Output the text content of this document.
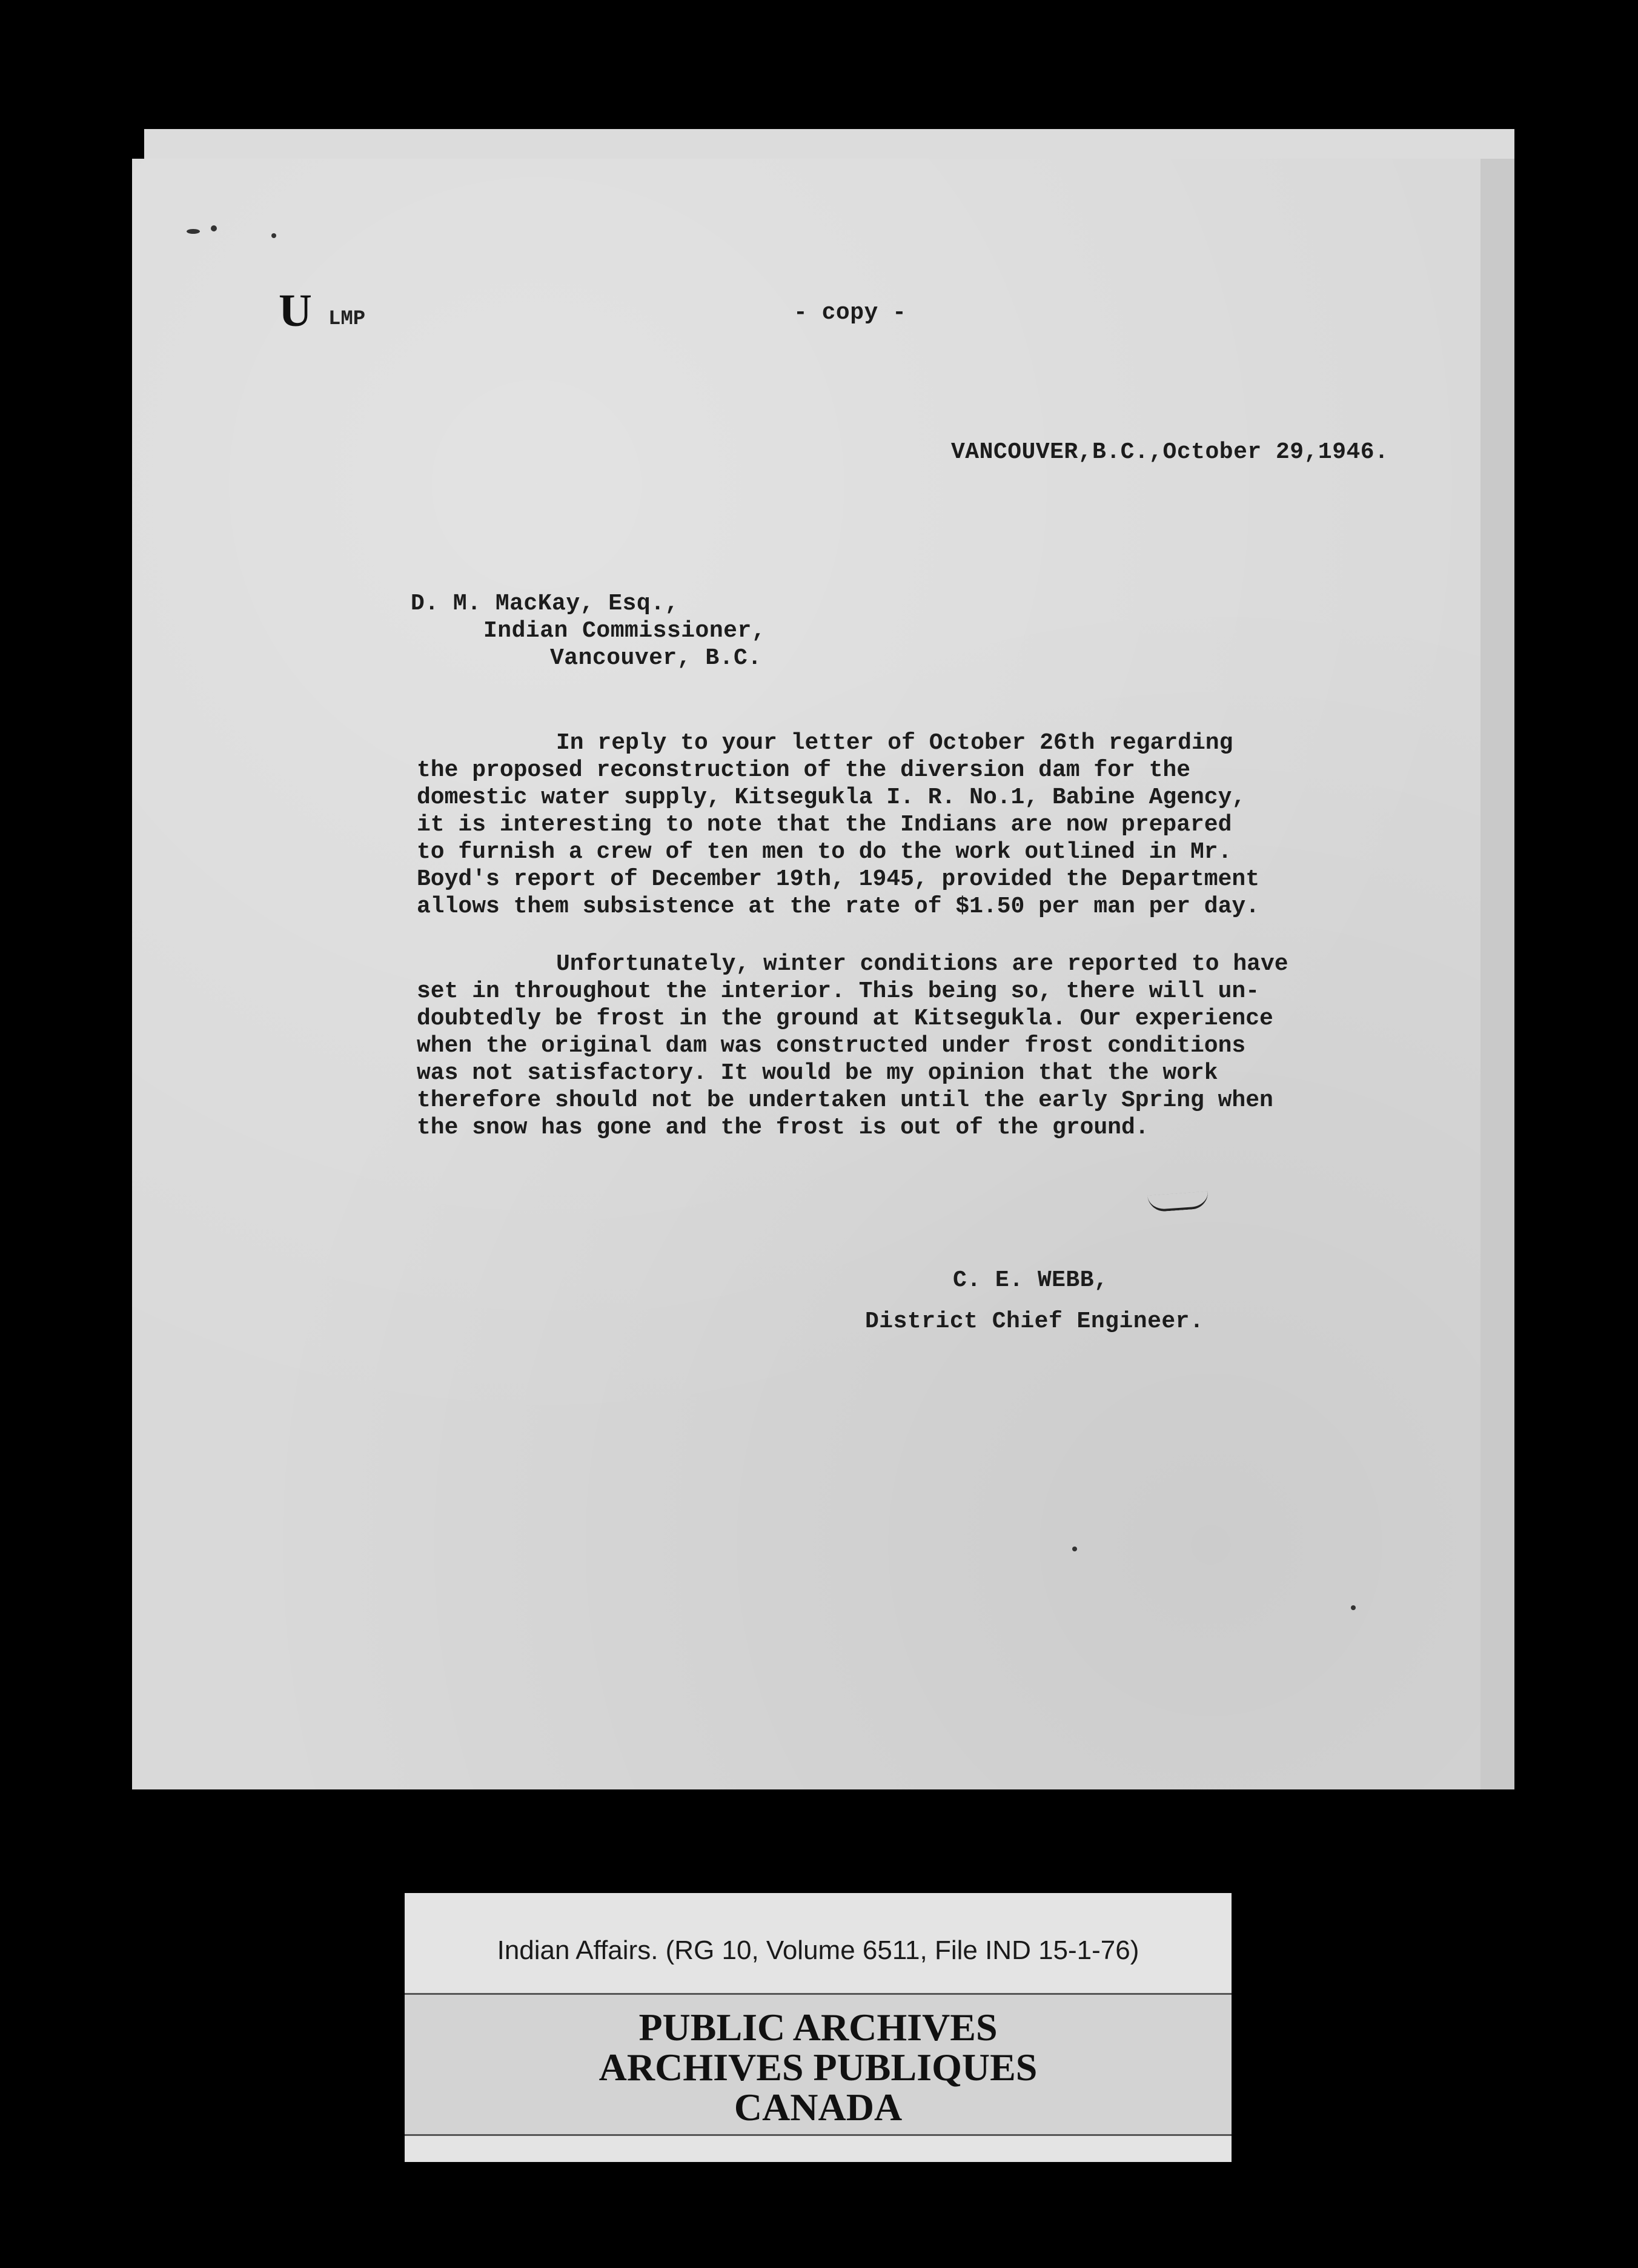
U LMP	- copy -
VANCOUVER,B.C.,October 29,1946.
D. M. MacKay, Esq.,
Indian Commissioner,
Vancouver, B.C.
In reply to your letter of October 26th regarding
the proposed reconstruction of the diversion dam for the
domestic water supply, Kitsegukla I. R. No.1, Babine Agency,
it is interesting to note that the Indians are now prepared
to furnish a crew of ten men to do the work outlined in Mr.
Boyd's report of December 19th, 1945, provided the Department
allows them subsistence at the rate of $1.50 per man per day.
Unfortunately, winter conditions are reported to have
set in throughout the interior. This being so, there will un-
doubtedly be frost in the ground at Kitsegukla. Our experience
when the original dam was constructed under frost conditions
was not satisfactory. It would be my opinion that the work
therefore should not be undertaken until the early Spring when
the snow has gone and the frost is out of the ground.
C. E. WEBB,
District Chief Engineer.
Indian Affairs. (RG 10, Volume 6511, File IND 15-1-76)
PUBLIC ARCHIVES
ARCHIVES PUBLIQUES
CANADA
